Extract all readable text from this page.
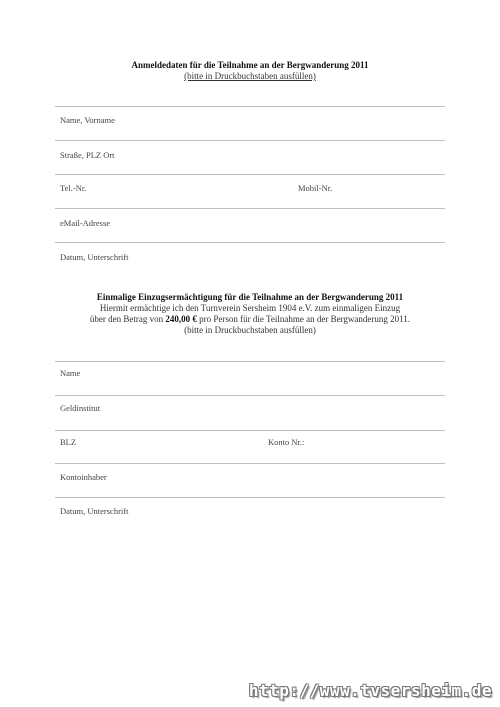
Anmeldedaten für die Teilnahme an der Bergwanderung 2011
(bitte in Druckbuchstaben ausfüllen)
Name, Vorname
Straße, PLZ Ort
Tel.-Nr.	Mobil-Nr.
eMail-Adresse
Datum, Unterschrift
Einmalige Einzugsermächtigung für die Teilnahme an der Bergwanderung 2011
Hiermit ermächtige ich den Turnverein Sersheim 1904 e.V. zum einmaligen Einzug
über den Betrag von 240,00 € pro Person für die Teilnahme an der Bergwanderung 2011.
(bitte in Druckbuchstaben ausfüllen)
Name
Geldinstitut
BLZ	Konto Nr.:
Kontoinhaber
Datum, Unterschrift
http://www.tvsersheim.de
